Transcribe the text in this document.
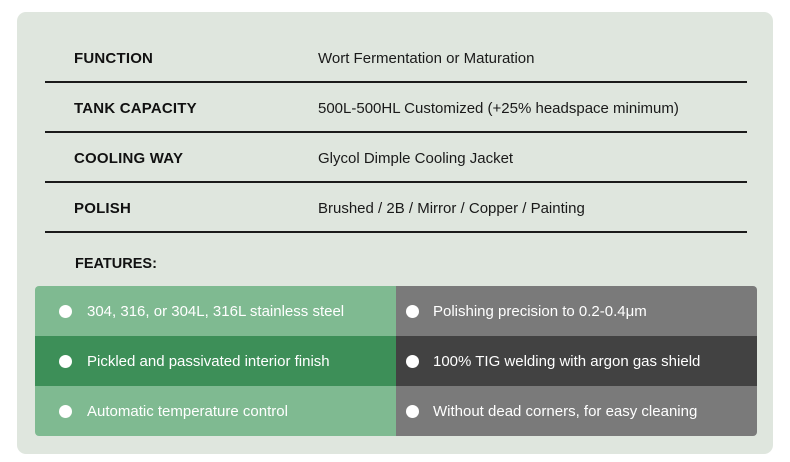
FUNCTION	Wort Fermentation or Maturation
TANK CAPACITY	500L-500HL Customized (+25% headspace minimum)
COOLING WAY	Glycol Dimple Cooling Jacket
POLISH	Brushed / 2B / Mirror / Copper / Painting
FEATURES:
304, 316, or 304L, 316L stainless steel	Polishing precision to 0.2-0.4μm
Pickled and passivated interior finish	100% TIG welding with argon gas shield
Automatic temperature control	Without dead corners, for easy cleaning
